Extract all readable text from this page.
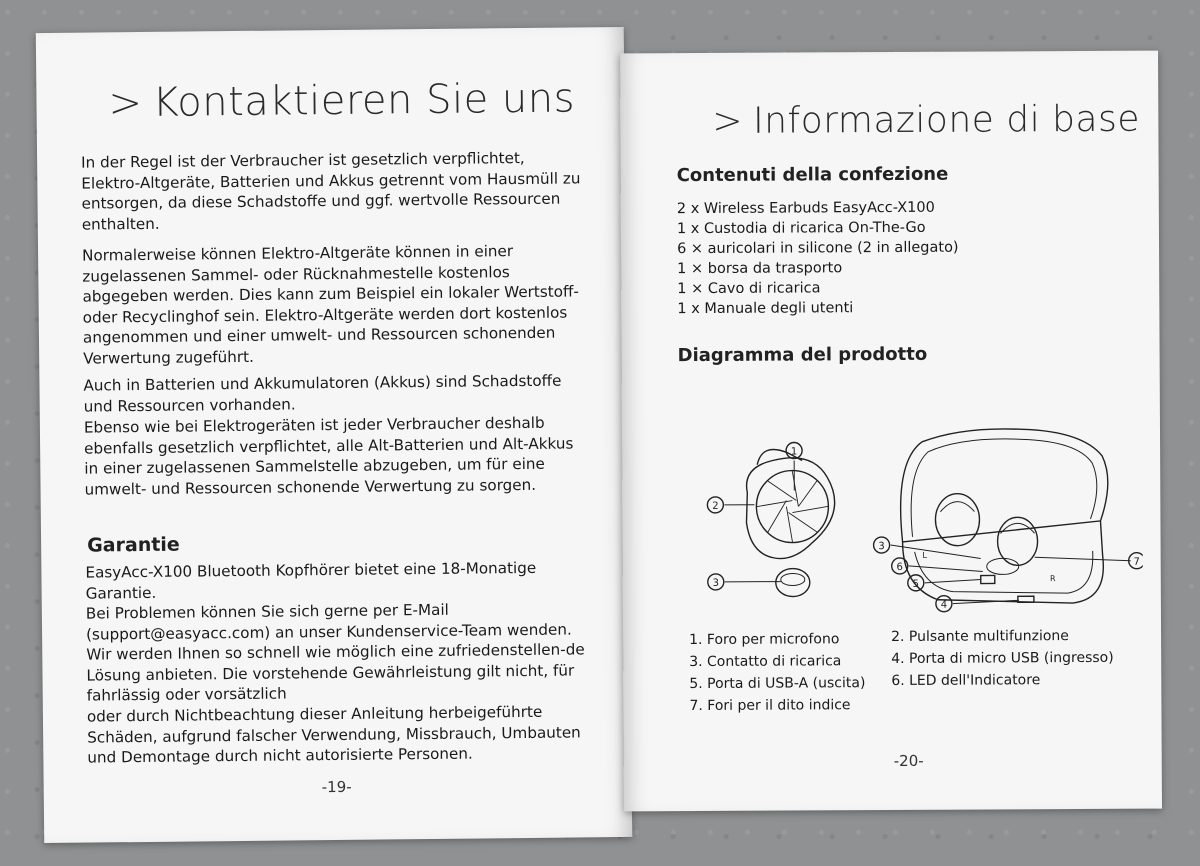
> Kontaktieren Sie uns

In der Regel ist der Verbraucher ist gesetzlich verpflichtet, Elektro-Altgeräte, Batterien und Akkus getrennt vom Hausmüll zu entsorgen, da diese Schadstoffe und ggf. wertvolle Ressourcen enthalten.

Normalerweise können Elektro-Altgeräte können in einer zugelassenen Sammel- oder Rücknahmestelle kostenlos abgegeben werden. Dies kann zum Beispiel ein lokaler Wertstoff- oder Recyclinghof sein. Elektro-Altgeräte werden dort kostenlos angenommen und einer umwelt- und Ressourcen schonenden Verwertung zugeführt.

Auch in Batterien und Akkumulatoren (Akkus) sind Schadstoffe und Ressourcen vorhanden.

Ebenso wie bei Elektrogeräten ist jeder Verbraucher deshalb ebenfalls gesetzlich verpflichtet, alle Alt-Batterien und Alt-Akkus in einer zugelassenen Sammelstelle abzugeben, um für eine umwelt- und Ressourcen schonende Verwertung zu sorgen.

Garantie

EasyAcc-X100 Bluetooth Kopfhörer bietet eine 18-Monatige Garantie.

Bei Problemen können Sie sich gerne per E-Mail (support@easyacc.com) an unser Kundenservice-Team wenden. Wir werden Ihnen so schnell wie möglich eine zufriedenstellen-de Lösung anbieten. Die vorstehende Gewährleistung gilt nicht, für fahrlässig oder vorsätzlich

oder durch Nichtbeachtung dieser Anleitung herbeigeführte Schäden, aufgrund falscher Verwendung, Missbrauch, Umbauten und Demontage durch nicht autorisierte Personen.

-19-
> Informazione di base
Contenuti della confezione
2 x Wireless Earbuds EasyAcc-X100
1 x Custodia di ricarica On-The-Go
6 × auricolari in silicone (2 in allegato)
1 × borsa da trasporto
1 × Cavo di ricarica
1 x Manuale degli utenti
Diagramma del prodotto
1
2
3
3
4
5
6	7
L
R
1. Foro per microfono
3. Contatto di ricarica
5. Porta di USB-A (uscita)
7. Fori per il dito indice
2. Pulsante multifunzione
4. Porta di micro USB (ingresso)
6. LED dell'Indicatore
-20-
